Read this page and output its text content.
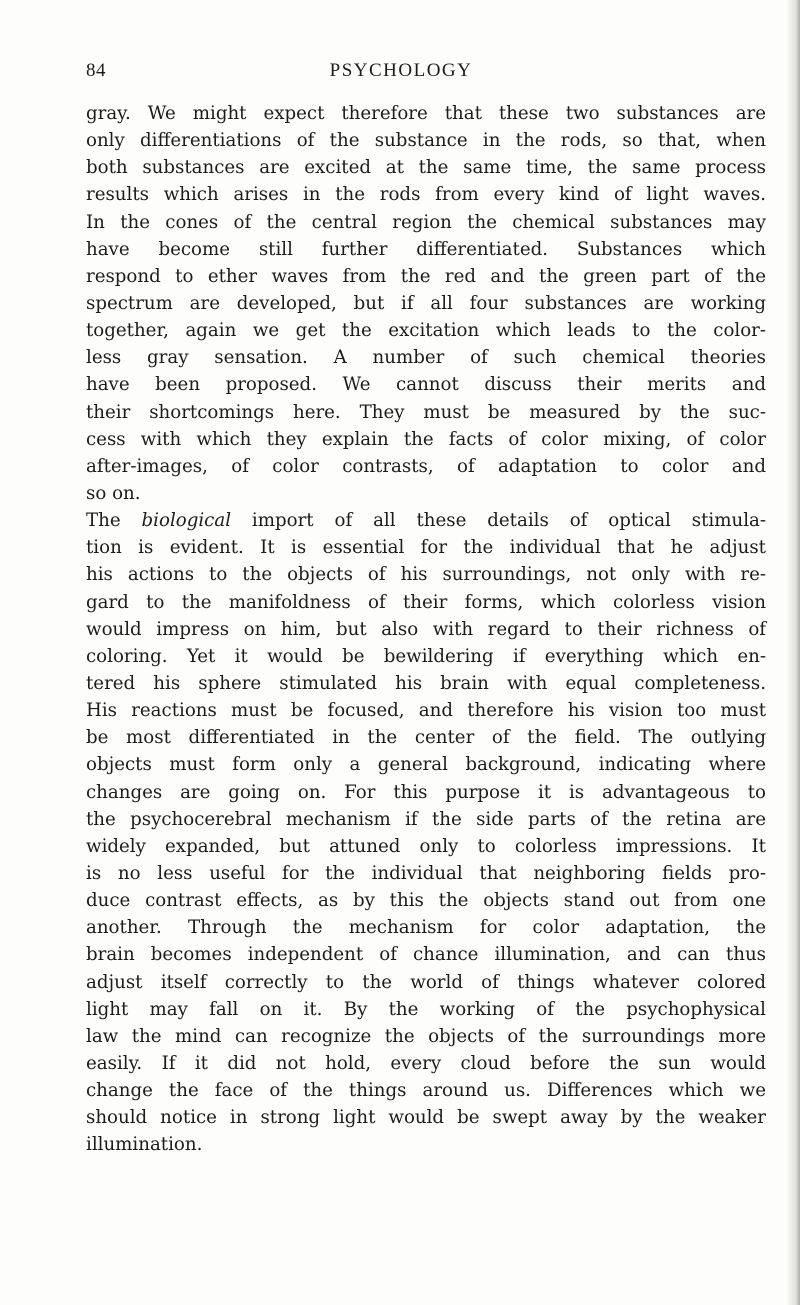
84	PSYCHOLOGY
gray. We might expect therefore that these two substances are
only differentiations of the substance in the rods, so that, when
both substances are excited at the same time, the same process
results which arises in the rods from every kind of light waves.
In the cones of the central region the chemical substances may
have become still further differentiated. Substances which
respond to ether waves from the red and the green part of the
spectrum are developed, but if all four substances are working
together, again we get the excitation which leads to the color-
less gray sensation. A number of such chemical theories
have been proposed. We cannot discuss their merits and
their shortcomings here. They must be measured by the suc-
cess with which they explain the facts of color mixing, of color
after-images, of color contrasts, of adaptation to color and
so on.
The biological import of all these details of optical stimula-
tion is evident. It is essential for the individual that he adjust
his actions to the objects of his surroundings, not only with re-
gard to the manifoldness of their forms, which colorless vision
would impress on him, but also with regard to their richness of
coloring. Yet it would be bewildering if everything which en-
tered his sphere stimulated his brain with equal completeness.
His reactions must be focused, and therefore his vision too must
be most differentiated in the center of the field. The outlying
objects must form only a general background, indicating where
changes are going on. For this purpose it is advantageous to
the psychocerebral mechanism if the side parts of the retina are
widely expanded, but attuned only to colorless impressions. It
is no less useful for the individual that neighboring fields pro-
duce contrast effects, as by this the objects stand out from one
another. Through the mechanism for color adaptation, the
brain becomes independent of chance illumination, and can thus
adjust itself correctly to the world of things whatever colored
light may fall on it. By the working of the psychophysical
law the mind can recognize the objects of the surroundings more
easily. If it did not hold, every cloud before the sun would
change the face of the things around us. Differences which we
should notice in strong light would be swept away by the weaker
illumination.
